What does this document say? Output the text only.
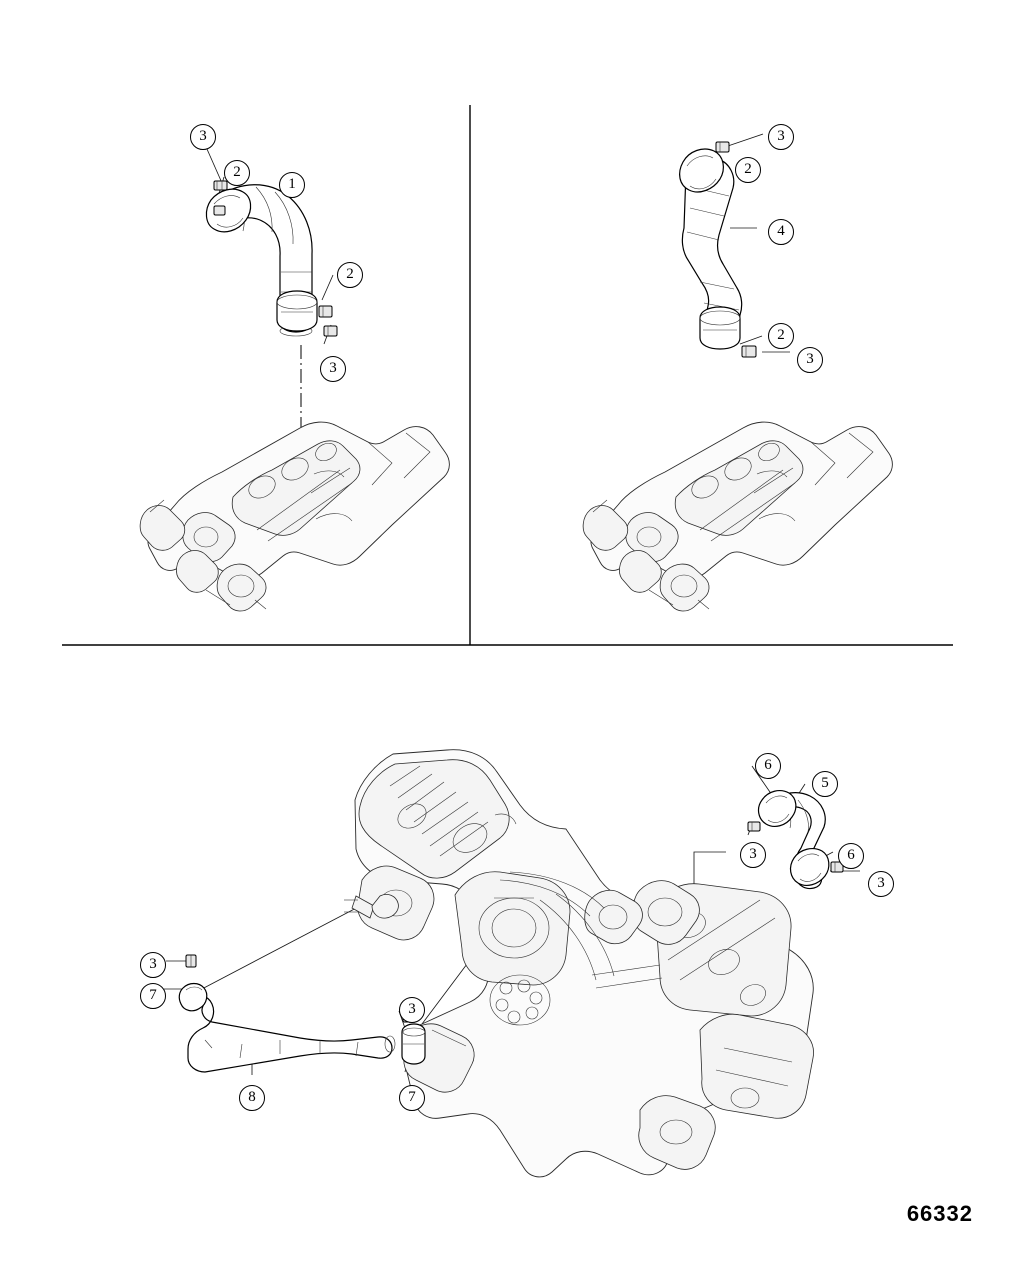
3
2
1
2
3
3
2
4
2
3
6
5
3	6
3
3
7
3
8	7
66332
